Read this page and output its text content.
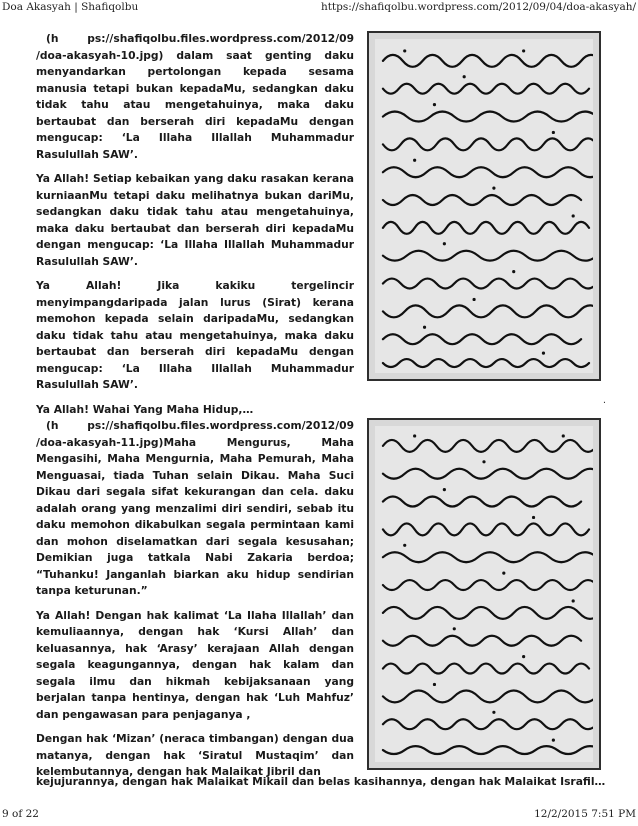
Doa Akasyah | Shafiqolbu	https://shafiqolbu.wordpress.com/2012/09/04/doa-akasyah/

(h ps://shafiqolbu.files.wordpress.com/2012/09 /doa-akasyah-10.jpg) dalam saat genting daku menyandarkan pertolongan kepada sesama manusia tetapi bukan kepadaMu, sedangkan daku tidak tahu atau mengetahuinya, maka daku bertaubat dan berserah diri kepadaMu dengan mengucap: ‘La Illaha Illallah Muhammadur Rasulullah SAW’.

Ya Allah! Setiap kebaikan yang daku rasakan kerana kurniaanMu tetapi daku melihatnya bukan dariMu, sedangkan daku tidak tahu atau mengetahuinya, maka daku bertaubat dan berserah diri kepadaMu dengan mengucap: ‘La Illaha Illallah Muhammadur Rasulullah SAW’.

Ya Allah! Jika kakiku tergelincir menyimpangdaripada jalan lurus (Sirat) kerana memohon kepada selain daripadaMu, sedangkan daku tidak tahu atau mengetahuinya, maka daku bertaubat dan berserah diri kepadaMu dengan mengucap: ‘La Illaha Illallah Muhammadur Rasulullah SAW’.

Ya Allah! Wahai Yang Maha Hidup,…

.

(h ps://shafiqolbu.files.wordpress.com/2012/09 /doa-akasyah-11.jpg)Maha Mengurus, Maha Mengasihi, Maha Mengurnia, Maha Pemurah, Maha Menguasai, tiada Tuhan selain Dikau. Maha Suci Dikau dari segala sifat kekurangan dan cela. daku adalah orang yang menzalimi diri sendiri, sebab itu daku memohon dikabulkan segala permintaan kami dan mohon diselamatkan dari segala kesusahan; Demikian juga tatkala Nabi Zakaria berdoa; “Tuhanku! Janganlah biarkan aku hidup sendirian tanpa keturunan.”

Ya Allah! Dengan hak kalimat ‘La Ilaha Illallah’ dan kemuliaannya, dengan hak ‘Kursi Allah’ dan keluasannya, hak ‘Arasy’ kerajaan Allah dengan segala keagungannya, dengan hak kalam dan segala ilmu dan hikmah kebijaksanaan yang berjalan tanpa hentinya, dengan hak ‘Luh Mahfuz’ dan pengawasan para penjaganya ,

Dengan hak ‘Mizan’ (neraca timbangan) dengan dua matanya, dengan hak ‘Siratul Mustaqim’ dan kelembutannya, dengan hak Malaikat Jibril dan

kejujurannya, dengan hak Malaikat Mikail dan belas kasihannya, dengan hak Malaikat Israfil…
9 of 22	12/2/2015 7:51 PM
